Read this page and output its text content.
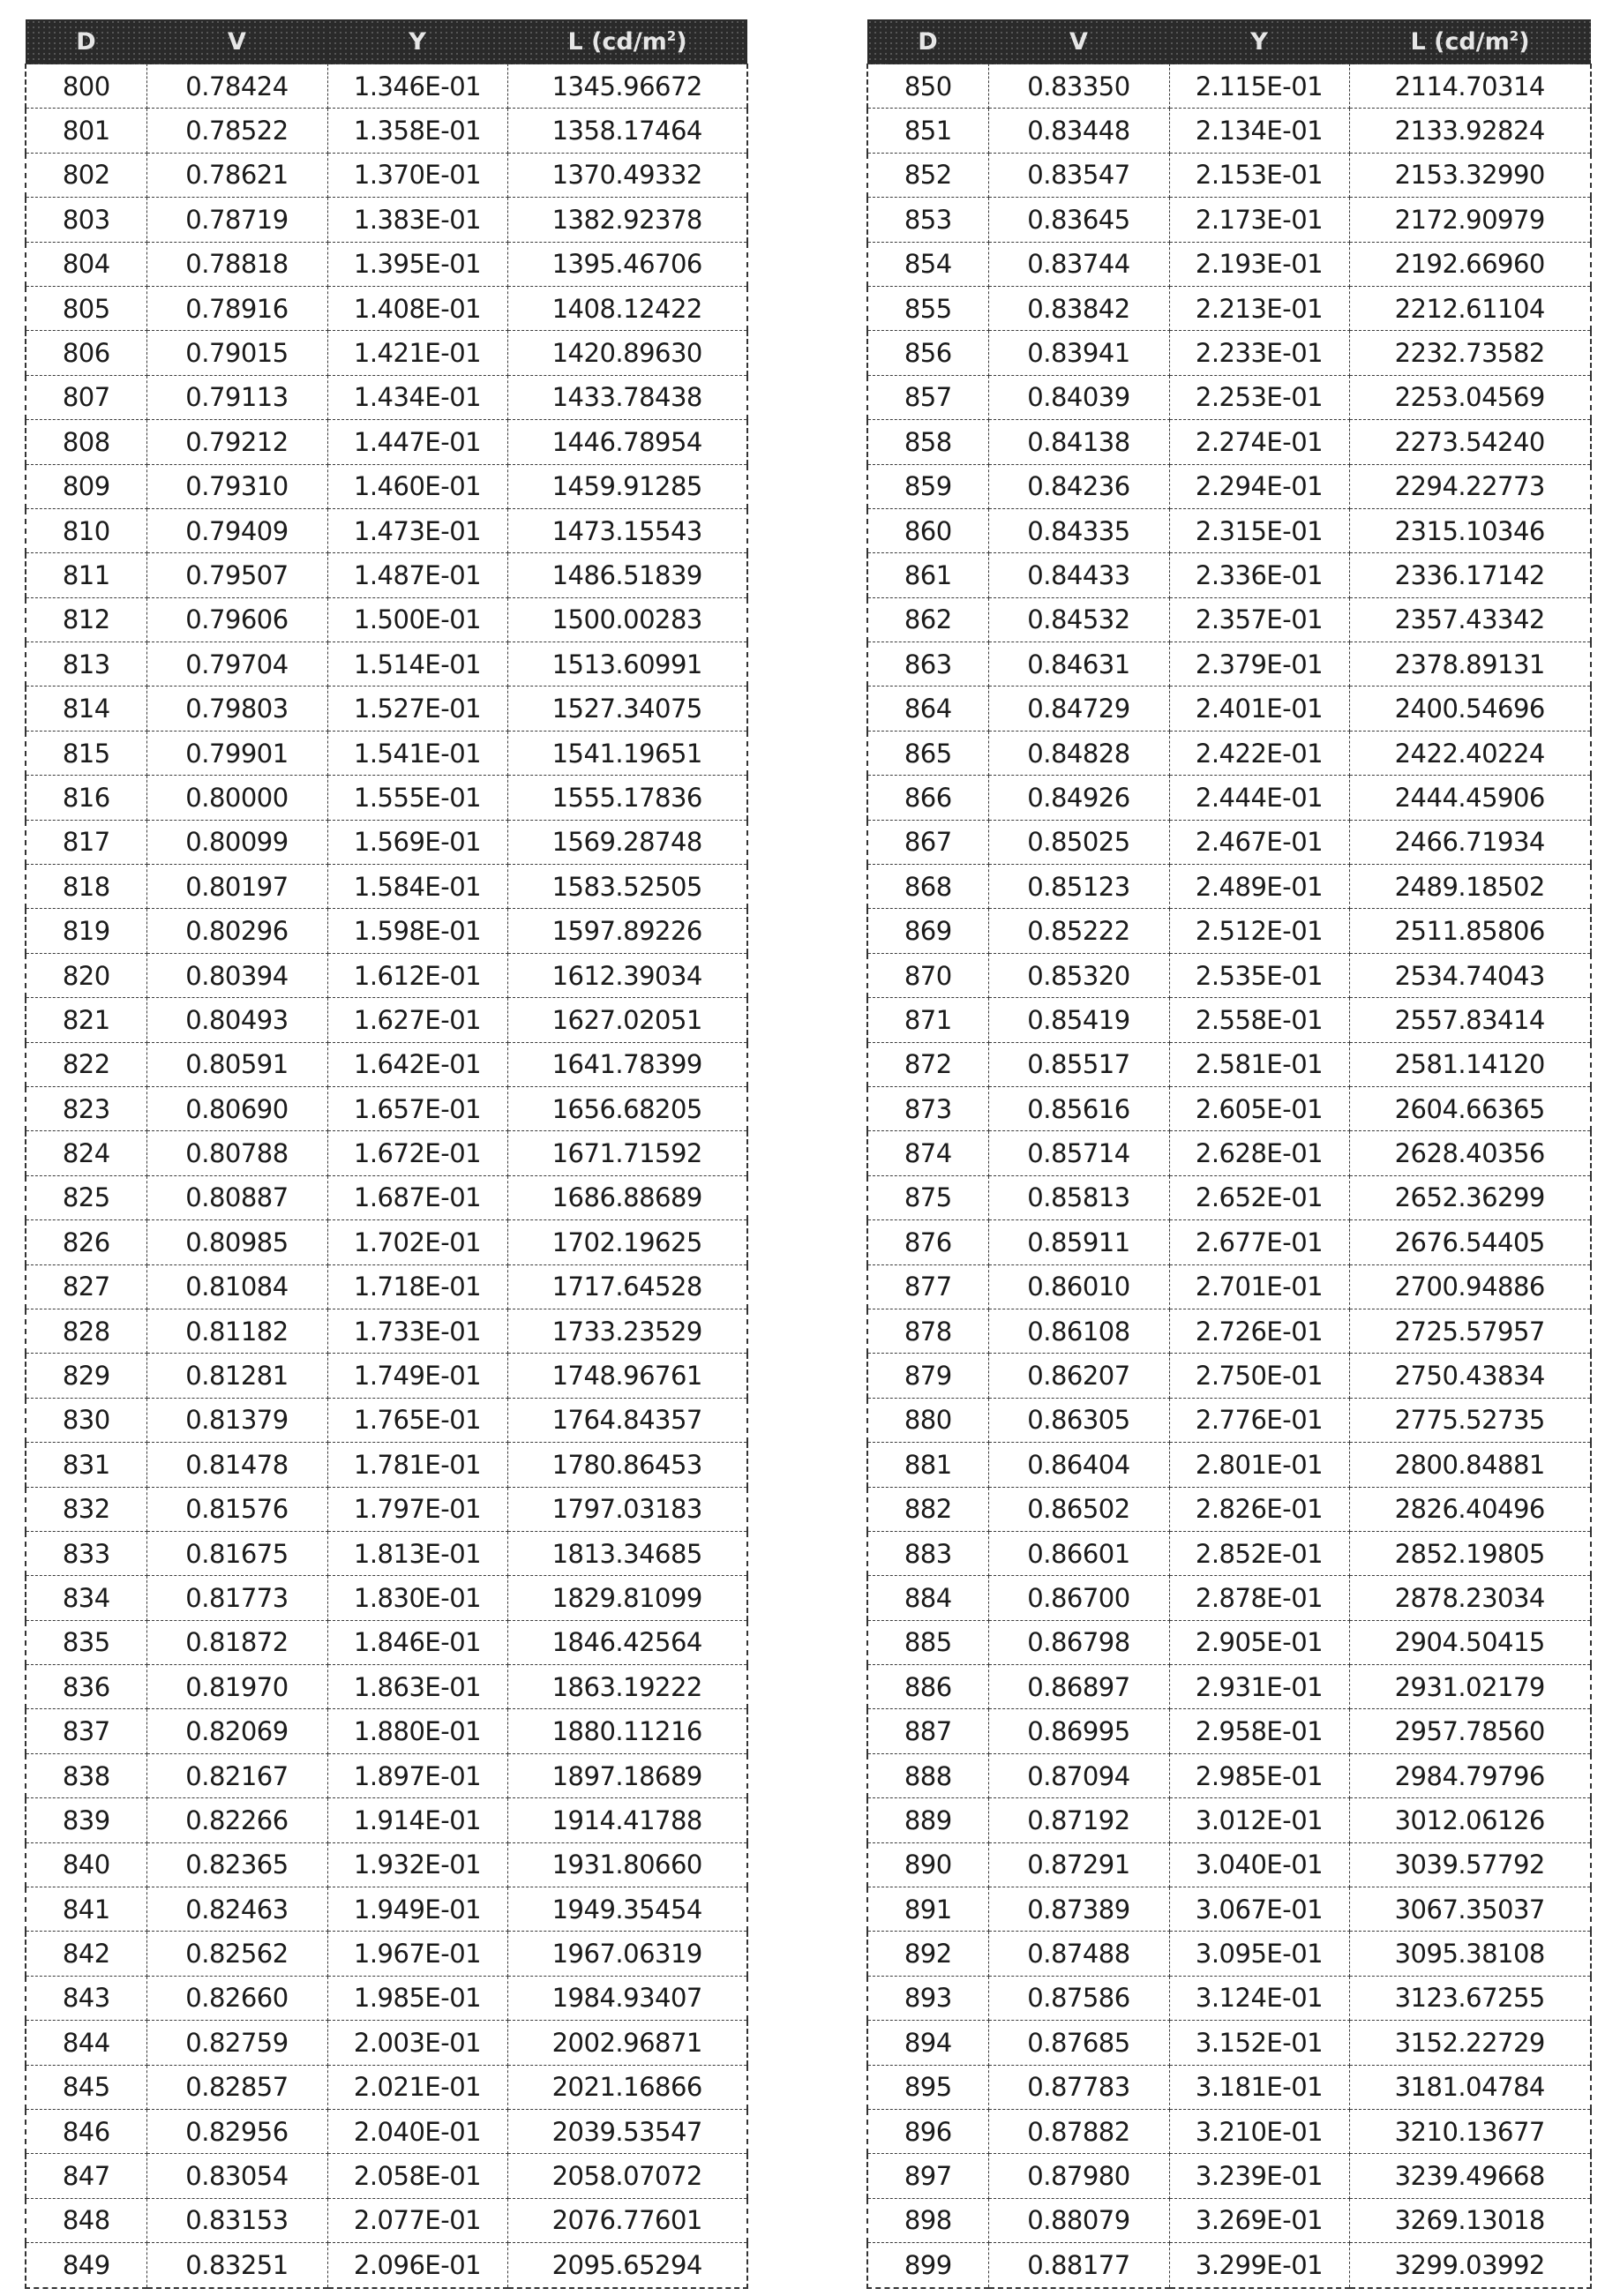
D	V	Y	L $(cd/m^2)$
800	0.78424	1.346E-01	1345.96672
801	0.78522	1.358E-01	1358.17464
802	0.78621	1.370E-01	1370.49332
803	0.78719	1.383E-01	1382.92378
804	0.78818	1.395E-01	1395.46706
805	0.78916	1.408E-01	1408.12422
806	0.79015	1.421E-01	1420.89630
807	0.79113	1.434E-01	1433.78438
808	0.79212	1.447E-01	1446.78954
809	0.79310	1.460E-01	1459.91285
810	0.79409	1.473E-01	1473.15543
811	0.79507	1.487E-01	1486.51839
812	0.79606	1.500E-01	1500.00283
813	0.79704	1.514E-01	1513.60991
814	0.79803	1.527E-01	1527.34075
815	0.79901	1.541E-01	1541.19651
816	0.80000	1.555E-01	1555.17836
817	0.80099	1.569E-01	1569.28748
818	0.80197	1.584E-01	1583.52505
819	0.80296	1.598E-01	1597.89226
820	0.80394	1.612E-01	1612.39034
821	0.80493	1.627E-01	1627.02051
822	0.80591	1.642E-01	1641.78399
823	0.80690	1.657E-01	1656.68205
824	0.80788	1.672E-01	1671.71592
825	0.80887	1.687E-01	1686.88689
826	0.80985	1.702E-01	1702.19625
827	0.81084	1.718E-01	1717.64528
828	0.81182	1.733E-01	1733.23529
829	0.81281	1.749E-01	1748.96761
830	0.81379	1.765E-01	1764.84357
831	0.81478	1.781E-01	1780.86453
832	0.81576	1.797E-01	1797.03183
833	0.81675	1.813E-01	1813.34685
834	0.81773	1.830E-01	1829.81099
835	0.81872	1.846E-01	1846.42564
836	0.81970	1.863E-01	1863.19222
837	0.82069	1.880E-01	1880.11216
838	0.82167	1.897E-01	1897.18689
839	0.82266	1.914E-01	1914.41788
840	0.82365	1.932E-01	1931.80660
841	0.82463	1.949E-01	1949.35454
842	0.82562	1.967E-01	1967.06319
843	0.82660	1.985E-01	1984.93407
844	0.82759	2.003E-01	2002.96871
845	0.82857	2.021E-01	2021.16866
846	0.82956	2.040E-01	2039.53547
847	0.83054	2.058E-01	2058.07072
848	0.83153	2.077E-01	2076.77601
849	0.83251	2.096E-01	2095.65294
D	V	Y	L $(cd/m^2)$
850	0.83350	2.115E-01	2114.70314
851	0.83448	2.134E-01	2133.92824
852	0.83547	2.153E-01	2153.32990
853	0.83645	2.173E-01	2172.90979
854	0.83744	2.193E-01	2192.66960
855	0.83842	2.213E-01	2212.61104
856	0.83941	2.233E-01	2232.73582
857	0.84039	2.253E-01	2253.04569
858	0.84138	2.274E-01	2273.54240
859	0.84236	2.294E-01	2294.22773
860	0.84335	2.315E-01	2315.10346
861	0.84433	2.336E-01	2336.17142
862	0.84532	2.357E-01	2357.43342
863	0.84631	2.379E-01	2378.89131
864	0.84729	2.401E-01	2400.54696
865	0.84828	2.422E-01	2422.40224
866	0.84926	2.444E-01	2444.45906
867	0.85025	2.467E-01	2466.71934
868	0.85123	2.489E-01	2489.18502
869	0.85222	2.512E-01	2511.85806
870	0.85320	2.535E-01	2534.74043
871	0.85419	2.558E-01	2557.83414
872	0.85517	2.581E-01	2581.14120
873	0.85616	2.605E-01	2604.66365
874	0.85714	2.628E-01	2628.40356
875	0.85813	2.652E-01	2652.36299
876	0.85911	2.677E-01	2676.54405
877	0.86010	2.701E-01	2700.94886
878	0.86108	2.726E-01	2725.57957
879	0.86207	2.750E-01	2750.43834
880	0.86305	2.776E-01	2775.52735
881	0.86404	2.801E-01	2800.84881
882	0.86502	2.826E-01	2826.40496
883	0.86601	2.852E-01	2852.19805
884	0.86700	2.878E-01	2878.23034
885	0.86798	2.905E-01	2904.50415
886	0.86897	2.931E-01	2931.02179
887	0.86995	2.958E-01	2957.78560
888	0.87094	2.985E-01	2984.79796
889	0.87192	3.012E-01	3012.06126
890	0.87291	3.040E-01	3039.57792
891	0.87389	3.067E-01	3067.35037
892	0.87488	3.095E-01	3095.38108
893	0.87586	3.124E-01	3123.67255
894	0.87685	3.152E-01	3152.22729
895	0.87783	3.181E-01	3181.04784
896	0.87882	3.210E-01	3210.13677
897	0.87980	3.239E-01	3239.49668
898	0.88079	3.269E-01	3269.13018
899	0.88177	3.299E-01	3299.03992
